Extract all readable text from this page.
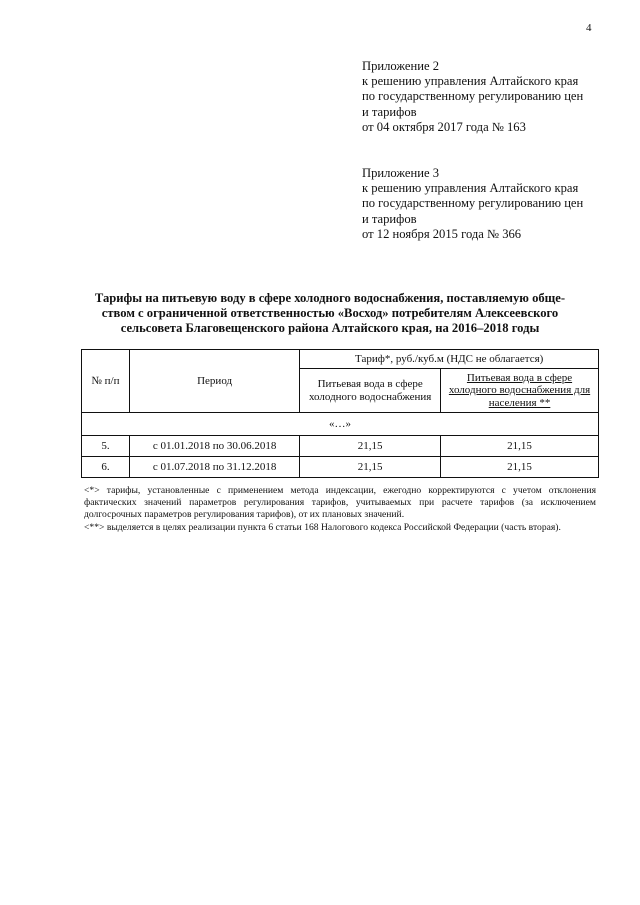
4
Приложение 2
к решению управления Алтайского края
по государственному регулированию цен
и тарифов
от 04 октября 2017 года № 163
Приложение 3
к решению управления Алтайского края
по государственному регулированию цен
и тарифов
от 12 ноября 2015 года № 366
Тарифы на питьевую воду в сфере холодного водоснабжения, поставляемую обще-
ством с ограниченной ответственностью «Восход» потребителям Алексеевского
сельсовета Благовещенского района Алтайского края, на 2016–2018 годы
№ п/п	Период	Тариф*, руб./куб.м (НДС не облагается)	
		Питьевая вода в сфере холодного водоснабжения	Питьевая вода в сфере холодного водоснабжения для населения **
«…»			
5.	с 01.01.2018 по 30.06.2018	21,15	21,15
6.	с 01.07.2018 по 31.12.2018	21,15	21,15

<*> тарифы, установленные с применением метода индексации, ежегодно корректируются с учетом отклонения фактических значений параметров регулирования тарифов, учитываемых при расчете тарифов (за исключением долгосрочных параметров регулирования тарифов), от их плановых значений.

<**> выделяется в целях реализации пункта 6 статьи 168 Налогового кодекса Российской Федерации (часть вторая).
